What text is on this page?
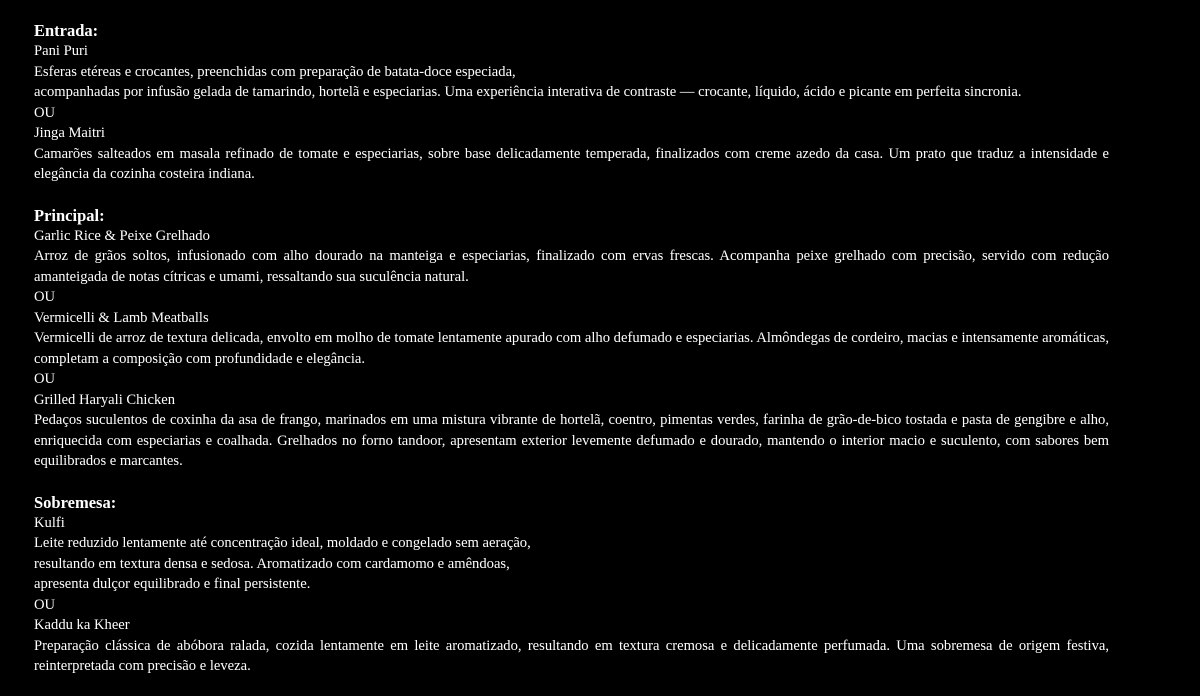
Entrada:
Pani Puri
Esferas etéreas e crocantes, preenchidas com preparação de batata-doce especiada,
acompanhadas por infusão gelada de tamarindo, hortelã e especiarias. Uma experiência interativa de contraste — crocante, líquido, ácido e picante em perfeita sincronia.
OU
Jinga Maitri
Camarões salteados em masala refinado de tomate e especiarias, sobre base delicadamente temperada, finalizados com creme azedo da casa. Um prato que traduz a intensidade e elegância da cozinha costeira indiana.
Principal:
Garlic Rice & Peixe Grelhado
Arroz de grãos soltos, infusionado com alho dourado na manteiga e especiarias, finalizado com ervas frescas. Acompanha peixe grelhado com precisão, servido com redução amanteigada de notas cítricas e umami, ressaltando sua suculência natural.
OU
Vermicelli & Lamb Meatballs
Vermicelli de arroz de textura delicada, envolto em molho de tomate lentamente apurado com alho defumado e especiarias. Almôndegas de cordeiro, macias e intensamente aromáticas, completam a composição com profundidade e elegância.
OU
Grilled Haryali Chicken
Pedaços suculentos de coxinha da asa de frango, marinados em uma mistura vibrante de hortelã, coentro, pimentas verdes, farinha de grão-de-bico tostada e pasta de gengibre e alho, enriquecida com especiarias e coalhada. Grelhados no forno tandoor, apresentam exterior levemente defumado e dourado, mantendo o interior macio e suculento, com sabores bem equilibrados e marcantes.
Sobremesa:
Kulfi
Leite reduzido lentamente até concentração ideal, moldado e congelado sem aeração,
resultando em textura densa e sedosa. Aromatizado com cardamomo e amêndoas,
apresenta dulçor equilibrado e final persistente.
OU
Kaddu ka Kheer
Preparação clássica de abóbora ralada, cozida lentamente em leite aromatizado, resultando em textura cremosa e delicadamente perfumada. Uma sobremesa de origem festiva, reinterpretada com precisão e leveza.
